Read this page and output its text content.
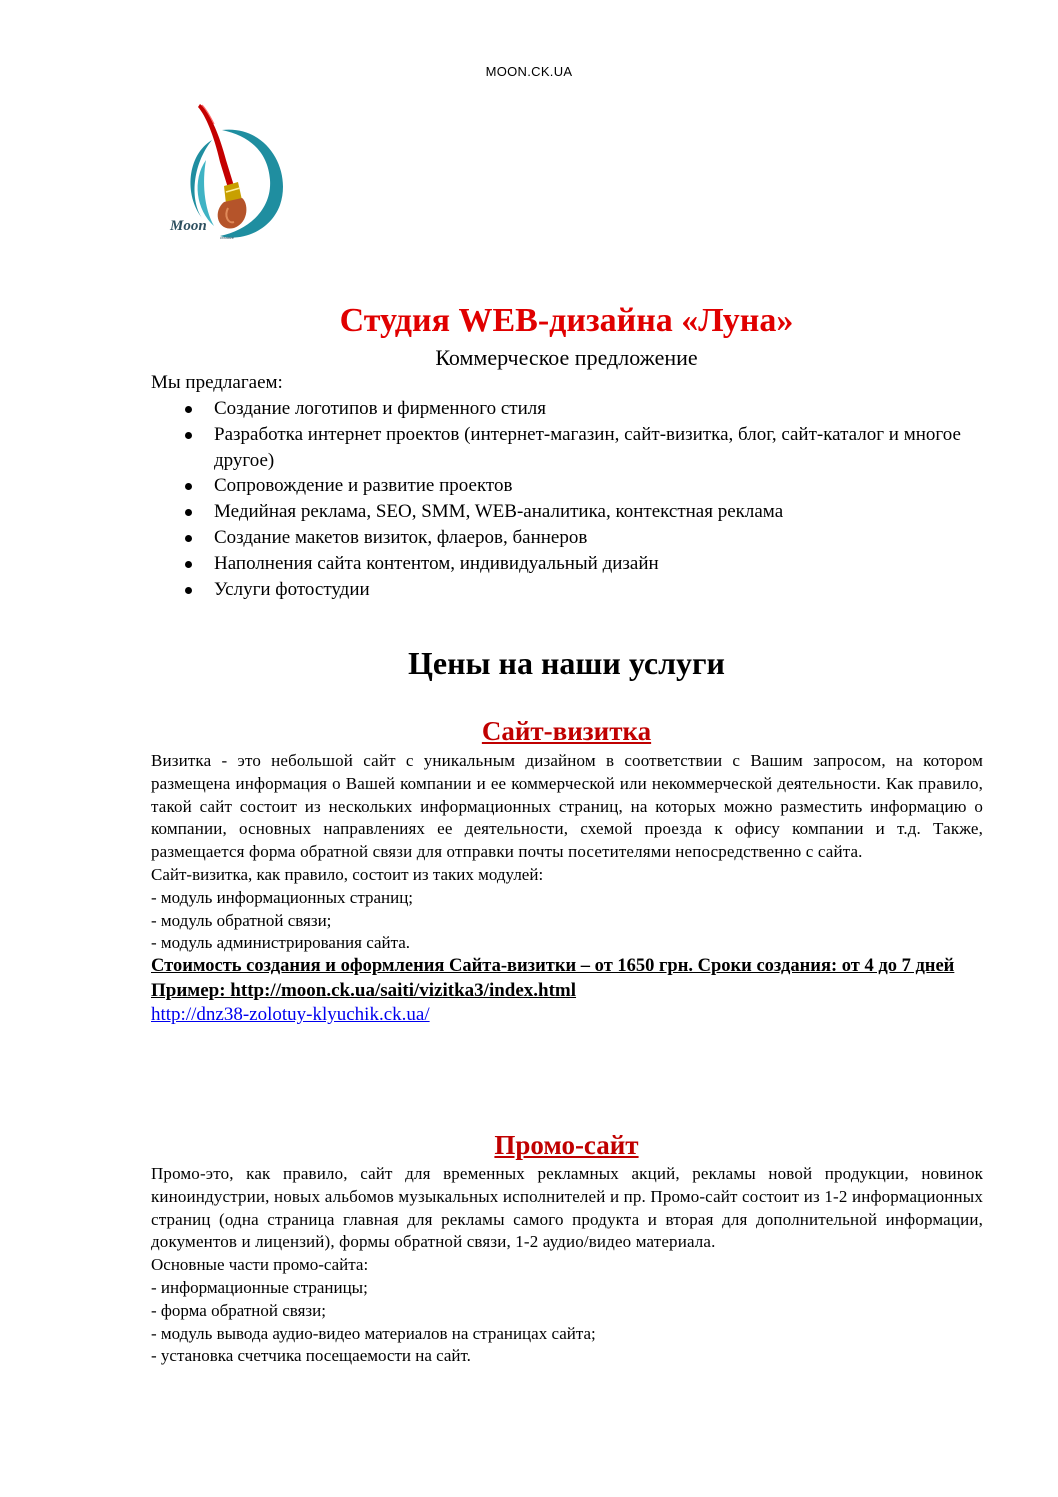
MOON.CK.UA
Moon
creative
Студия WEB-дизайна «Луна»
Коммерческое предложение
Мы предлагаем:
Создание логотипов и фирменного стиля
Разработка интернет проектов (интернет-магазин, сайт-визитка, блог, сайт-каталог и многое другое)
Сопровождение и развитие проектов
Медийная реклама, SEO, SMM, WEB-аналитика, контекстная реклама
Создание макетов визиток, флаеров, баннеров
Наполнения сайта контентом, индивидуальный дизайн
Услуги фотостудии
Цены на наши услуги
Сайт-визитка
Визитка - это небольшой сайт с уникальным дизайном в соответствии с Вашим запросом, на котором размещена информация о Вашей компании и ее коммерческой или некоммерческой деятельности. Как правило, такой сайт состоит из нескольких информационных страниц, на которых можно разместить информацию о компании, основных направлениях ее деятельности, схемой проезда к офису компании и т.д. Также, размещается форма обратной связи для отправки почты посетителями непосредственно с сайта.
Сайт-визитка, как правило, состоит из таких модулей:
- модуль информационных страниц;
- модуль обратной связи;
- модуль администрирования сайта.
Стоимость создания и оформления Сайта-визитки – от 1650 грн. Сроки создания: от 4 до 7 дней
Пример: http://moon.ck.ua/saiti/vizitka3/index.html
http://dnz38-zolotuy-klyuchik.ck.ua/
Промо-сайт
Промо-это, как правило, сайт для временных рекламных акций, рекламы новой продукции, новинок киноиндустрии, новых альбомов музыкальных исполнителей и пр. Промо-сайт состоит из 1-2 информационных страниц (одна страница главная для рекламы самого продукта и вторая для дополнительной информации, документов и лицензий), формы обратной связи, 1-2 аудио/видео материала.
Основные части промо-сайта:
- информационные страницы;
- форма обратной связи;
- модуль вывода аудио-видео материалов на страницах сайта;
- установка счетчика посещаемости на сайт.
